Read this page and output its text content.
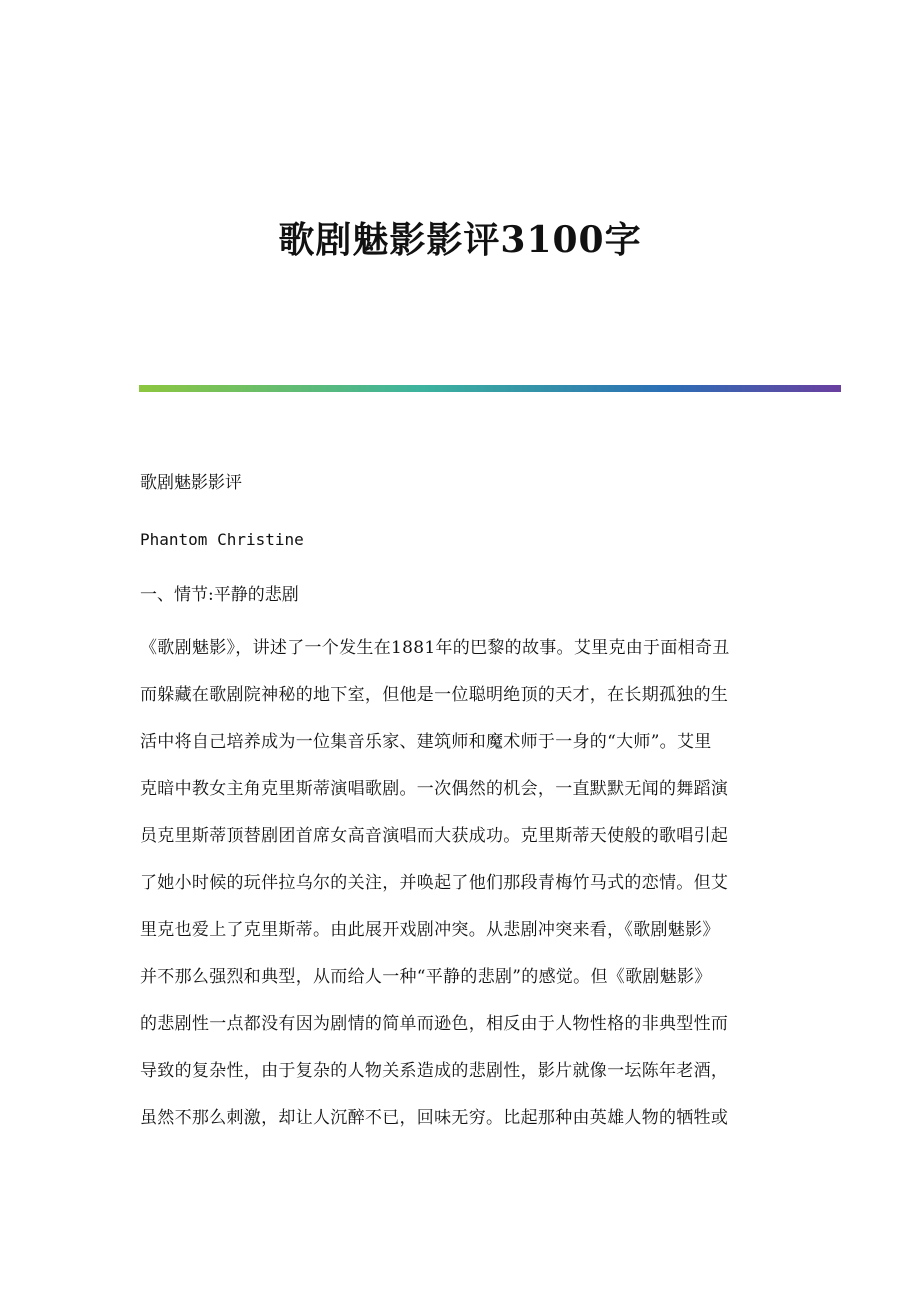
歌剧魅影影评3100字
歌剧魅影影评
Phantom Christine
一、情节:平静的悲剧
《歌剧魅影》，讲述了一个发生在1881年的巴黎的故事。艾里克由于面相奇丑
而躲藏在歌剧院神秘的地下室，但他是一位聪明绝顶的天才，在长期孤独的生
活中将自己培养成为一位集音乐家、建筑师和魔术师于一身的“大师”。艾里
克暗中教女主角克里斯蒂演唱歌剧。一次偶然的机会，一直默默无闻的舞蹈演
员克里斯蒂顶替剧团首席女高音演唱而大获成功。克里斯蒂天使般的歌唱引起
了她小时候的玩伴拉乌尔的关注，并唤起了他们那段青梅竹马式的恋情。但艾
里克也爱上了克里斯蒂。由此展开戏剧冲突。从悲剧冲突来看，《歌剧魅影》
并不那么强烈和典型，从而给人一种“平静的悲剧”的感觉。但《歌剧魅影》
的悲剧性一点都没有因为剧情的简单而逊色，相反由于人物性格的非典型性而
导致的复杂性，由于复杂的人物关系造成的悲剧性，影片就像一坛陈年老酒，
虽然不那么刺激，却让人沉醉不已，回味无穷。比起那种由英雄人物的牺牲或
